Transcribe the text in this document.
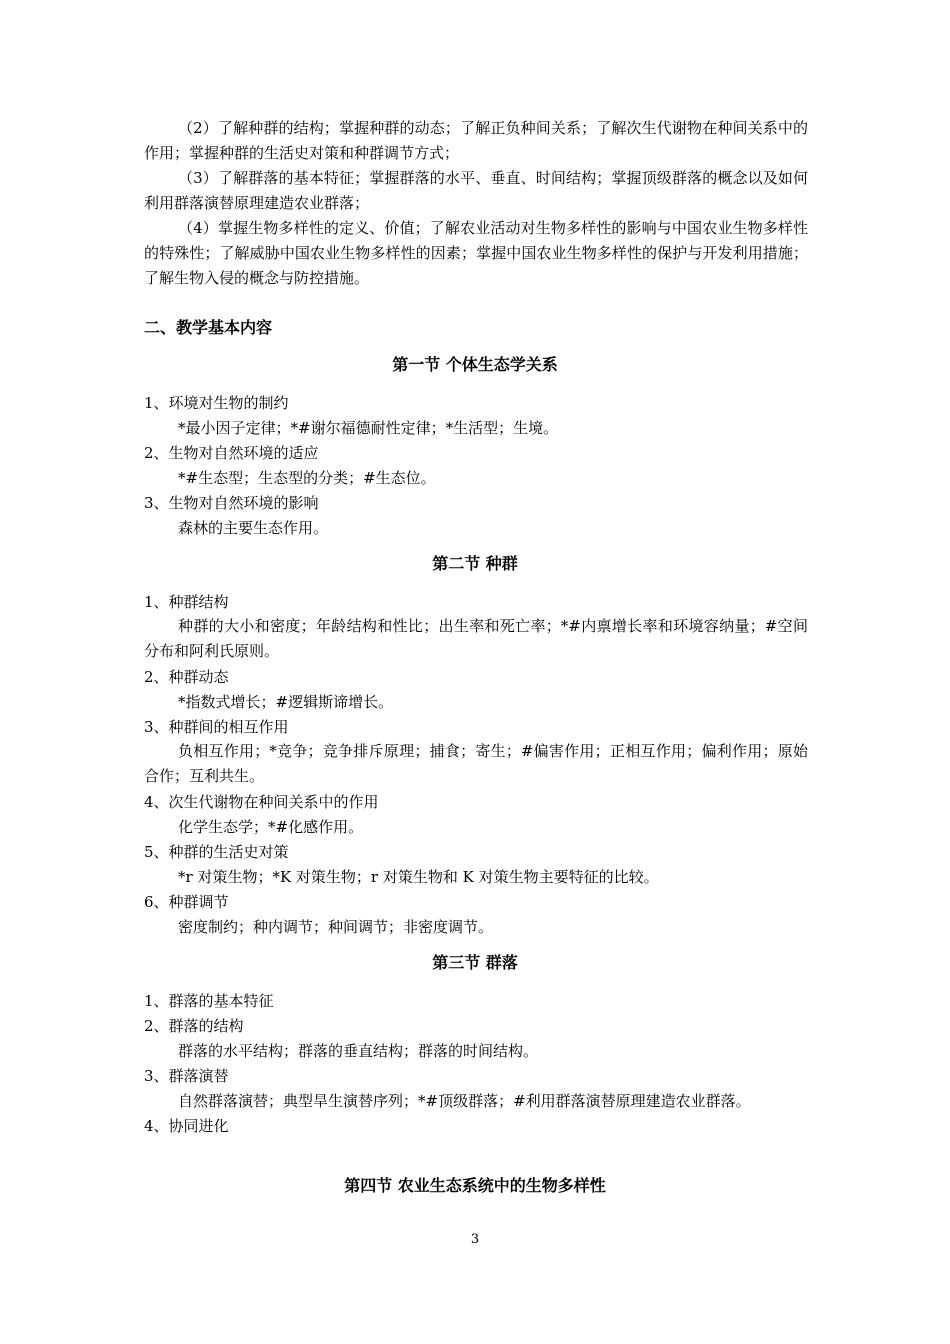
（2）了解种群的结构；掌握种群的动态；了解正负种间关系；了解次生代谢物在种间关系中的作用；掌握种群的生活史对策和种群调节方式；
（3）了解群落的基本特征；掌握群落的水平、垂直、时间结构；掌握顶级群落的概念以及如何利用群落演替原理建造农业群落；
（4）掌握生物多样性的定义、价值；了解农业活动对生物多样性的影响与中国农业生物多样性的特殊性；了解威胁中国农业生物多样性的因素；掌握中国农业生物多样性的保护与开发利用措施；了解生物入侵的概念与防控措施。
二、教学基本内容
第一节 个体生态学关系
1、环境对生物的制约
*最小因子定律；*#谢尔福德耐性定律；*生活型；生境。
2、生物对自然环境的适应
*#生态型；生态型的分类；#生态位。
3、生物对自然环境的影响
森林的主要生态作用。
第二节 种群
1、种群结构
种群的大小和密度；年龄结构和性比；出生率和死亡率；*#内禀增长率和环境容纳量；#空间分布和阿利氏原则。
2、种群动态
*指数式增长；#逻辑斯谛增长。
3、种群间的相互作用
负相互作用；*竞争；竞争排斥原理；捕食；寄生；#偏害作用；正相互作用；偏利作用；原始合作；互利共生。
4、次生代谢物在种间关系中的作用
化学生态学；*#化感作用。
5、种群的生活史对策
*r 对策生物；*K 对策生物；r 对策生物和 K 对策生物主要特征的比较。
6、种群调节
密度制约；种内调节；种间调节；非密度调节。
第三节 群落
1、群落的基本特征
2、群落的结构
群落的水平结构；群落的垂直结构；群落的时间结构。
3、群落演替
自然群落演替；典型旱生演替序列；*#顶级群落；#利用群落演替原理建造农业群落。
4、协同进化
第四节 农业生态系统中的生物多样性
3
